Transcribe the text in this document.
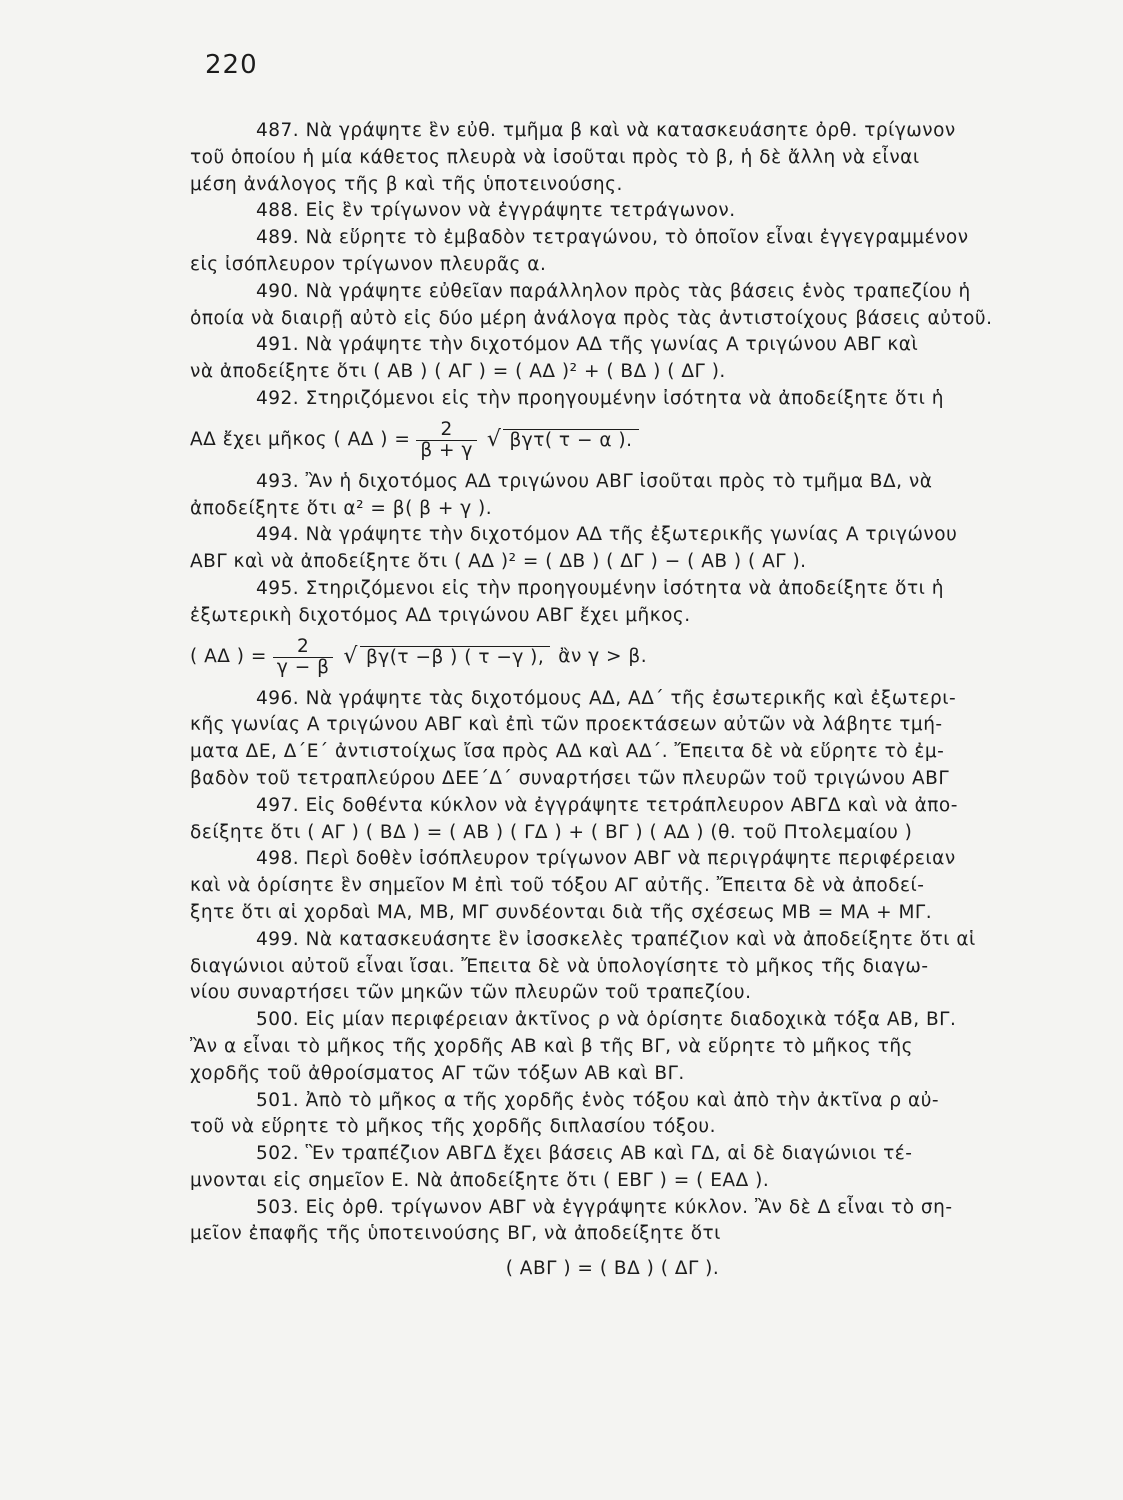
220

487. Νὰ γράψητε ἓν εὐθ. τμῆμα β καὶ νὰ κατασκευάσητε ὀρθ. τρίγωνον
τοῦ ὁποίου ἡ μία κάθετος πλευρὰ νὰ ἰσοῦται πρὸς τὸ β, ἡ δὲ ἄλλη νὰ εἶναι
μέση ἀνάλογος τῆς β καὶ τῆς ὑποτεινούσης.

488. Εἰς ἓν τρίγωνον νὰ ἐγγράψητε τετράγωνον.

489. Νὰ εὕρητε τὸ ἐμβαδὸν τετραγώνου, τὸ ὁποῖον εἶναι ἐγγεγραμμένον
εἰς ἰσόπλευρον τρίγωνον πλευρᾶς α.

490. Νὰ γράψητε εὐθεῖαν παράλληλον πρὸς τὰς βάσεις ἑνὸς τραπεζίου ἡ
ὁποία νὰ διαιρῇ αὐτὸ εἰς δύο μέρη ἀνάλογα πρὸς τὰς ἀντιστοίχους βάσεις αὐτοῦ.

491. Νὰ γράψητε τὴν διχοτόμον ΑΔ τῆς γωνίας Α τριγώνου ΑΒΓ καὶ
νὰ ἀποδείξητε ὅτι ( ΑΒ ) ( ΑΓ ) = ( ΑΔ )² + ( ΒΔ ) ( ΔΓ ).

492. Στηριζόμενοι εἰς τὴν προηγουμένην ἰσότητα νὰ ἀποδείξητε ὅτι ἡ

ΑΔ ἔχει μῆκος ( ΑΔ ) = $\frac{2}{\beta + \gamma}$ √ βγτ( τ − α ).

493. Ἂν ἡ διχοτόμος ΑΔ τριγώνου ΑΒΓ ἰσοῦται πρὸς τὸ τμῆμα ΒΔ, νὰ
ἀποδείξητε ὅτι α² = β( β + γ ).

494. Νὰ γράψητε τὴν διχοτόμον ΑΔ τῆς ἐξωτερικῆς γωνίας Α τριγώνου
ΑΒΓ καὶ νὰ ἀποδείξητε ὅτι ( ΑΔ )² = ( ΔΒ ) ( ΔΓ ) − ( ΑΒ ) ( ΑΓ ).

495. Στηριζόμενοι εἰς τὴν προηγουμένην ἰσότητα νὰ ἀποδείξητε ὅτι ἡ
ἐξωτερικὴ διχοτόμος ΑΔ τριγώνου ΑΒΓ ἔχει μῆκος.

( ΑΔ ) = $\frac{2}{\gamma - \beta}$ √ βγ(τ −β ) ( τ −γ ), ἂν γ > β.

496. Νὰ γράψητε τὰς διχοτόμους ΑΔ, ΑΔ΄ τῆς ἐσωτερικῆς καὶ ἐξωτερι-
κῆς γωνίας Α τριγώνου ΑΒΓ καὶ ἐπὶ τῶν προεκτάσεων αὐτῶν νὰ λάβητε τμή-
ματα ΔΕ, Δ΄Ε΄ ἀντιστοίχως ἴσα πρὸς ΑΔ καὶ ΑΔ΄. Ἔπειτα δὲ νὰ εὕρητε τὸ ἐμ-
βαδὸν τοῦ τετραπλεύρου ΔΕΕ΄Δ΄ συναρτήσει τῶν πλευρῶν τοῦ τριγώνου ΑΒΓ

497. Εἰς δοθέντα κύκλον νὰ ἐγγράψητε τετράπλευρον ΑΒΓΔ καὶ νὰ ἀπο-
δείξητε ὅτι ( ΑΓ ) ( ΒΔ ) = ( ΑΒ ) ( ΓΔ ) + ( ΒΓ ) ( ΑΔ ) (θ. τοῦ Πτολεμαίου )

498. Περὶ δοθὲν ἰσόπλευρον τρίγωνον ΑΒΓ νὰ περιγράψητε περιφέρειαν
καὶ νὰ ὁρίσητε ἓν σημεῖον Μ ἐπὶ τοῦ τόξου ΑΓ αὐτῆς. Ἔπειτα δὲ νὰ ἀποδεί-
ξητε ὅτι αἱ χορδαὶ ΜΑ, ΜΒ, ΜΓ συνδέονται διὰ τῆς σχέσεως ΜΒ = ΜΑ + ΜΓ.

499. Νὰ κατασκευάσητε ἓν ἰσοσκελὲς τραπέζιον καὶ νὰ ἀποδείξητε ὅτι αἱ
διαγώνιοι αὐτοῦ εἶναι ἴσαι. Ἔπειτα δὲ νὰ ὑπολογίσητε τὸ μῆκος τῆς διαγω-
νίου συναρτήσει τῶν μηκῶν τῶν πλευρῶν τοῦ τραπεζίου.

500. Εἰς μίαν περιφέρειαν ἀκτῖνος ρ νὰ ὁρίσητε διαδοχικὰ τόξα ΑΒ, ΒΓ.
Ἂν α εἶναι τὸ μῆκος τῆς χορδῆς ΑΒ καὶ β τῆς ΒΓ, νὰ εὕρητε τὸ μῆκος τῆς
χορδῆς τοῦ ἀθροίσματος ΑΓ τῶν τόξων ΑΒ καὶ ΒΓ.

501. Ἀπὸ τὸ μῆκος α τῆς χορδῆς ἑνὸς τόξου καὶ ἀπὸ τὴν ἀκτῖνα ρ αὐ-
τοῦ νὰ εὕρητε τὸ μῆκος τῆς χορδῆς διπλασίου τόξου.

502. Ἓν τραπέζιον ΑΒΓΔ ἔχει βάσεις ΑΒ καὶ ΓΔ, αἱ δὲ διαγώνιοι τέ-
μνονται εἰς σημεῖον Ε. Νὰ ἀποδείξητε ὅτι ( ΕΒΓ ) = ( ΕΑΔ ).

503. Εἰς ὀρθ. τρίγωνον ΑΒΓ νὰ ἐγγράψητε κύκλον. Ἂν δὲ Δ εἶναι τὸ ση-
μεῖον ἐπαφῆς τῆς ὑποτεινούσης ΒΓ, νὰ ἀποδείξητε ὅτι

( ΑΒΓ ) = ( ΒΔ ) ( ΔΓ ).
